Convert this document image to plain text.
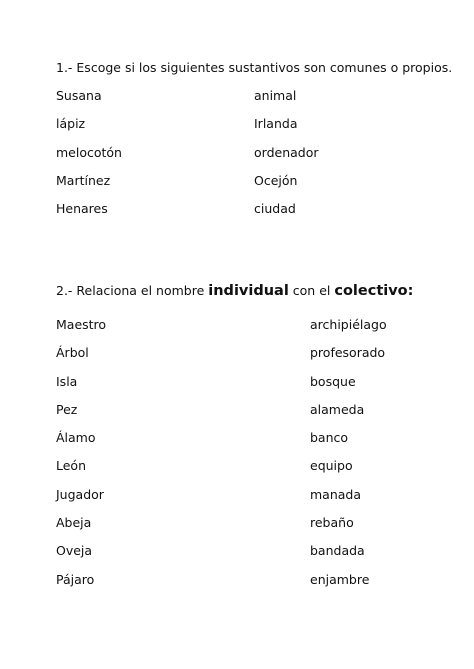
1.- Escoge si los siguientes sustantivos son comunes o propios.
Susana
lápiz
melocotón
Martínez
Henares
animal
Irlanda
ordenador
Ocejón
ciudad
2.- Relaciona el nombre individual con el colectivo:
Maestro
Árbol
Isla
Pez
Álamo
León
Jugador
Abeja
Oveja
Pájaro
archipiélago
profesorado
bosque
alameda
banco
equipo
manada
rebaño
bandada
enjambre
